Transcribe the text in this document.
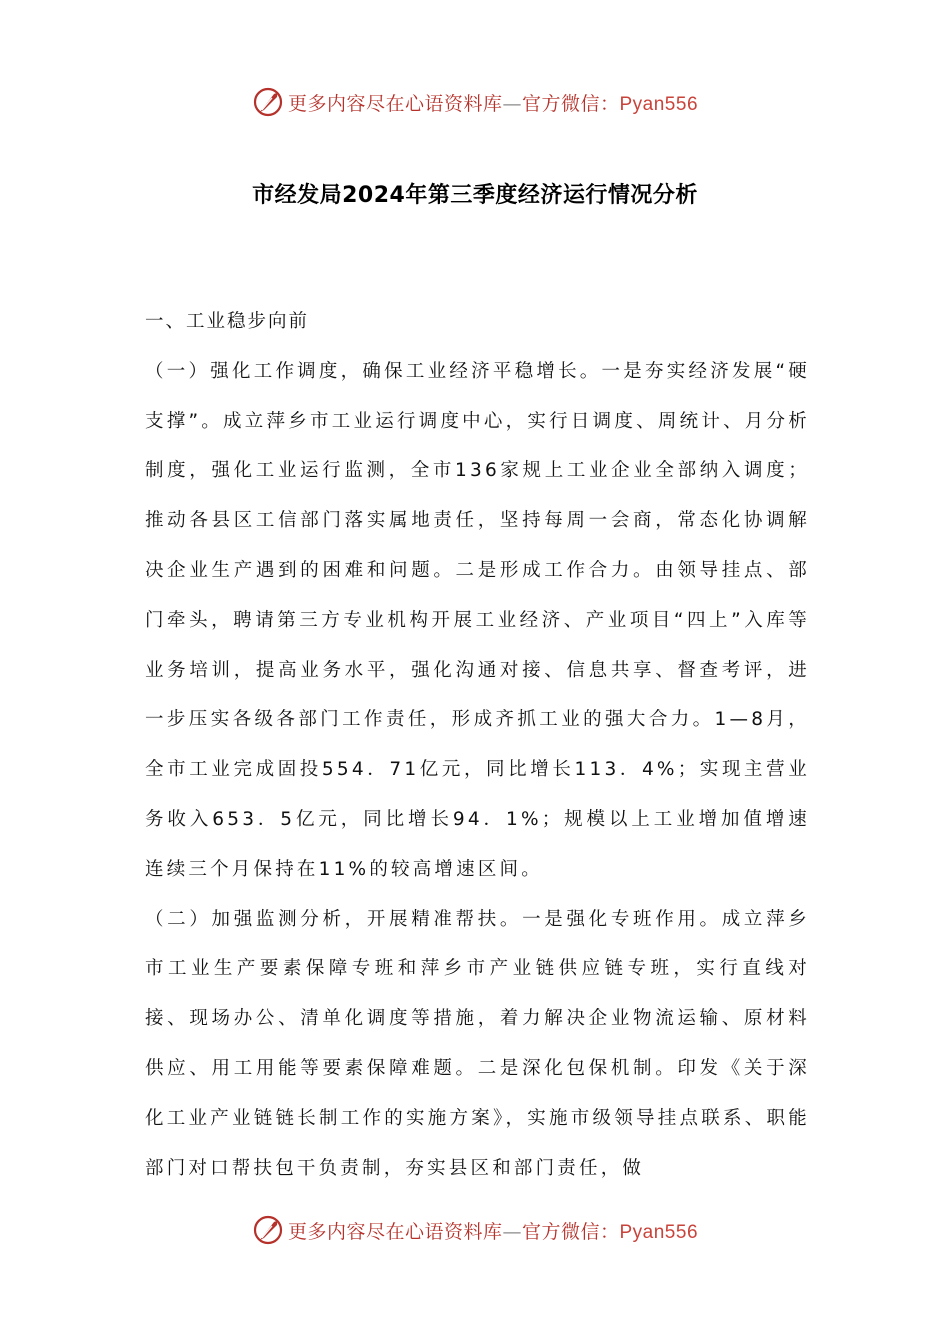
更多内容尽在心语资料库—官方微信：Pyan556
市经发局2024年第三季度经济运行情况分析

一、工业稳步向前

（一）强化工作调度，确保工业经济平稳增长。一是夯实经济发展“硬支撑”。成立萍乡市工业运行调度中心，实行日调度、周统计、月分析制度，强化工业运行监测，全市136家规上工业企业全部纳入调度；推动各县区工信部门落实属地责任，坚持每周一会商，常态化协调解决企业生产遇到的困难和问题。二是形成工作合力。由领导挂点、部门牵头，聘请第三方专业机构开展工业经济、产业项目“四上”入库等业务培训，提高业务水平，强化沟通对接、信息共享、督查考评，进一步压实各级各部门工作责任，形成齐抓工业的强大合力。1—8月，全市工业完成固投554．71亿元，同比增长113．4%；实现主营业务收入653．5亿元，同比增长94．1%；规模以上工业增加值增速连续三个月保持在11%的较高增速区间。

（二）加强监测分析，开展精准帮扶。一是强化专班作用。成立萍乡市工业生产要素保障专班和萍乡市产业链供应链专班，实行直线对接、现场办公、清单化调度等措施，着力解决企业物流运输、原材料供应、用工用能等要素保障难题。二是深化包保机制。印发《关于深化工业产业链链长制工作的实施方案》，实施市级领导挂点联系、职能部门对口帮扶包干负责制，夯实县区和部门责任，做

更多内容尽在心语资料库—官方微信：Pyan556
